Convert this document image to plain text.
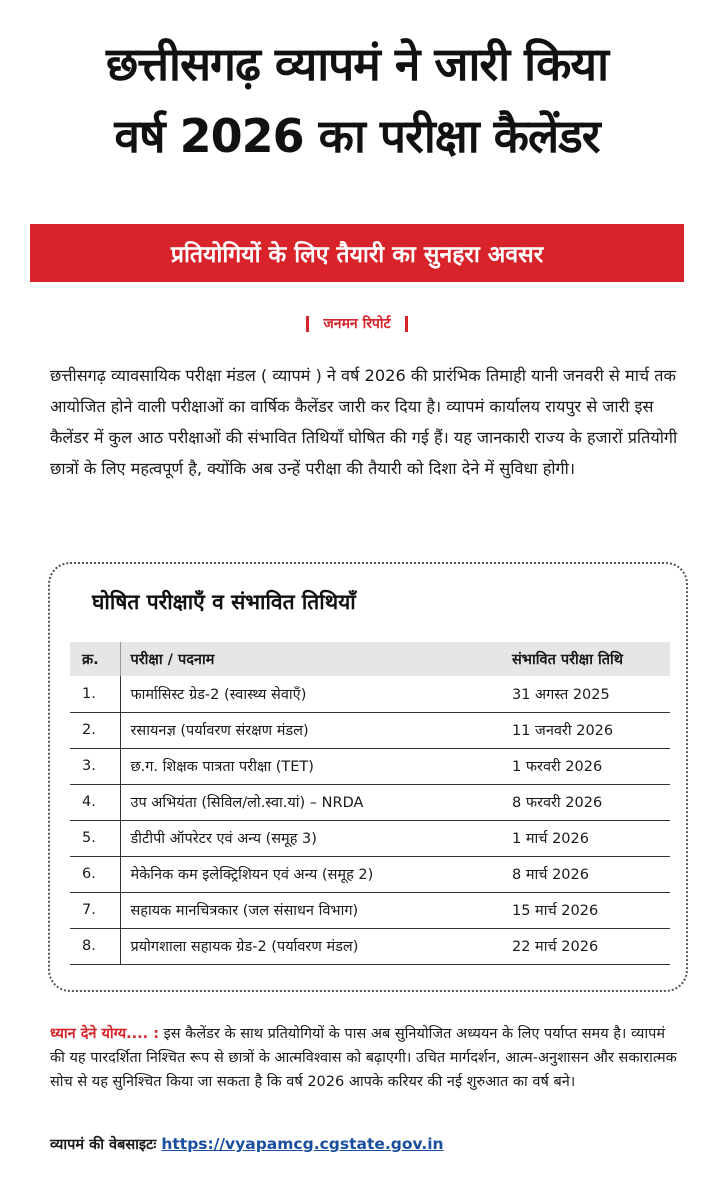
छत्तीसगढ़ व्यापमं ने जारी किया
वर्ष 2026 का परीक्षा कैलेंडर
प्रतियोगियों के लिए तैयारी का सुनहरा अवसर
जनमन रिपोर्ट

छत्तीसगढ़ व्यावसायिक परीक्षा मंडल ( व्यापमं ) ने वर्ष 2026 की प्रारंभिक तिमाही यानी जनवरी से मार्च तक आयोजित होने वाली परीक्षाओं का वार्षिक कैलेंडर जारी कर दिया है। व्यापमं कार्यालय रायपुर से जारी इस कैलेंडर में कुल आठ परीक्षाओं की संभावित तिथियाँ घोषित की गई हैं। यह जानकारी राज्य के हजारों प्रतियोगी छात्रों के लिए महत्वपूर्ण है, क्योंकि अब उन्हें परीक्षा की तैयारी को दिशा देने में सुविधा होगी।

घोषित परीक्षाएँ व संभावित तिथियाँ
क्र.	परीक्षा / पदनाम	संभावित परीक्षा तिथि
1.	फार्मासिस्ट ग्रेड-2 (स्वास्थ्य सेवाएँ)	31 अगस्त 2025
2.	रसायनज्ञ (पर्यावरण संरक्षण मंडल)	11 जनवरी 2026
3.	छ.ग. शिक्षक पात्रता परीक्षा (TET)	1 फरवरी 2026
4.	उप अभियंता (सिविल/लो.स्वा.यां) – NRDA	8 फरवरी 2026
5.	डीटीपी ऑपरेटर एवं अन्य (समूह 3)	1 मार्च 2026
6.	मेकेनिक कम इलेक्ट्रिशियन एवं अन्य (समूह 2)	8 मार्च 2026
7.	सहायक मानचित्रकार (जल संसाधन विभाग)	15 मार्च 2026
8.	प्रयोगशाला सहायक ग्रेड-2 (पर्यावरण मंडल)	22 मार्च 2026

ध्यान देने योग्य.... : इस कैलेंडर के साथ प्रतियोगियों के पास अब सुनियोजित अध्ययन के लिए पर्याप्त समय है। व्यापमं की यह पारदर्शिता निश्चित रूप से छात्रों के आत्मविश्वास को बढ़ाएगी। उचित मार्गदर्शन, आत्म-अनुशासन और सकारात्मक सोच से यह सुनिश्चित किया जा सकता है कि वर्ष 2026 आपके करियर की नई शुरुआत का वर्ष बने।

व्यापमं की वेबसाइटः https://vyapamcg.cgstate.gov.in
